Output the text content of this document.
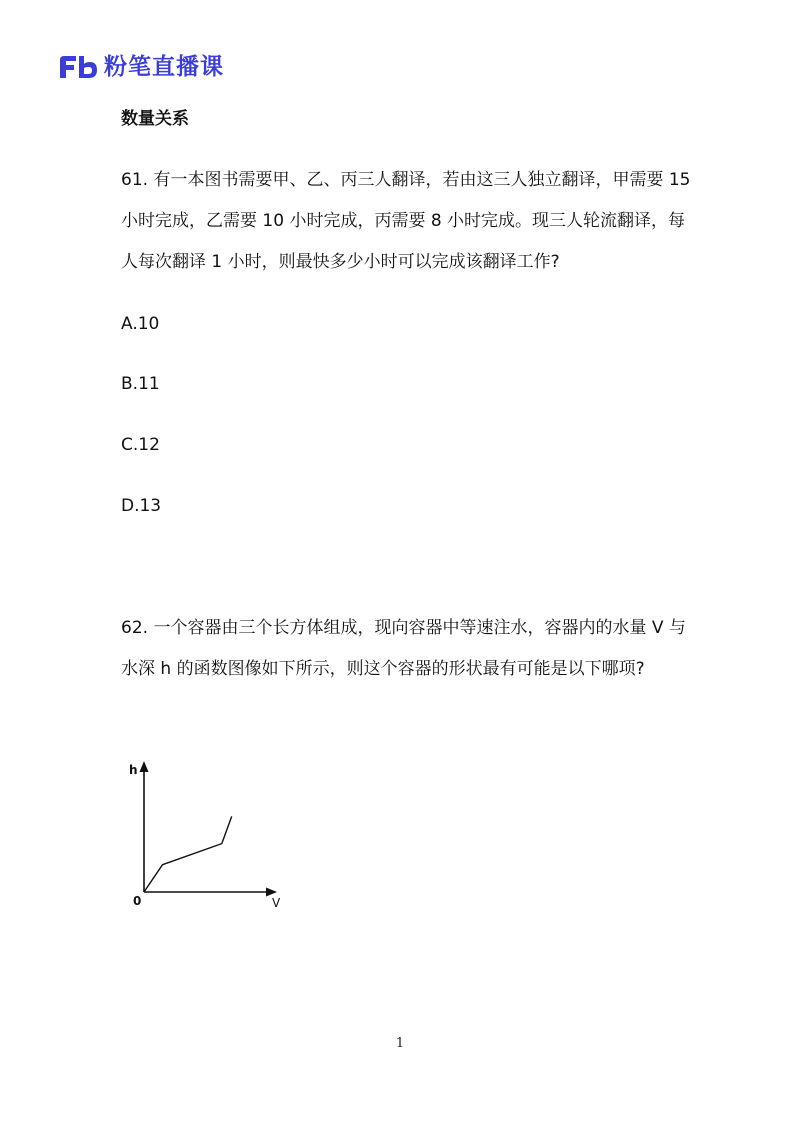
粉笔直播课

数量关系

61. 有一本图书需要甲、乙、丙三人翻译，若由这三人独立翻译，甲需要 15 小时完成，乙需要 10 小时完成，丙需要 8 小时完成。现三人轮流翻译，每人每次翻译 1 小时，则最快多少小时可以完成该翻译工作?

A.10

B.11

C.12

D.13

62. 一个容器由三个长方体组成，现向容器中等速注水，容器内的水量 V 与水深 h 的函数图像如下所示，则这个容器的形状最有可能是以下哪项?

h
0	V

1
